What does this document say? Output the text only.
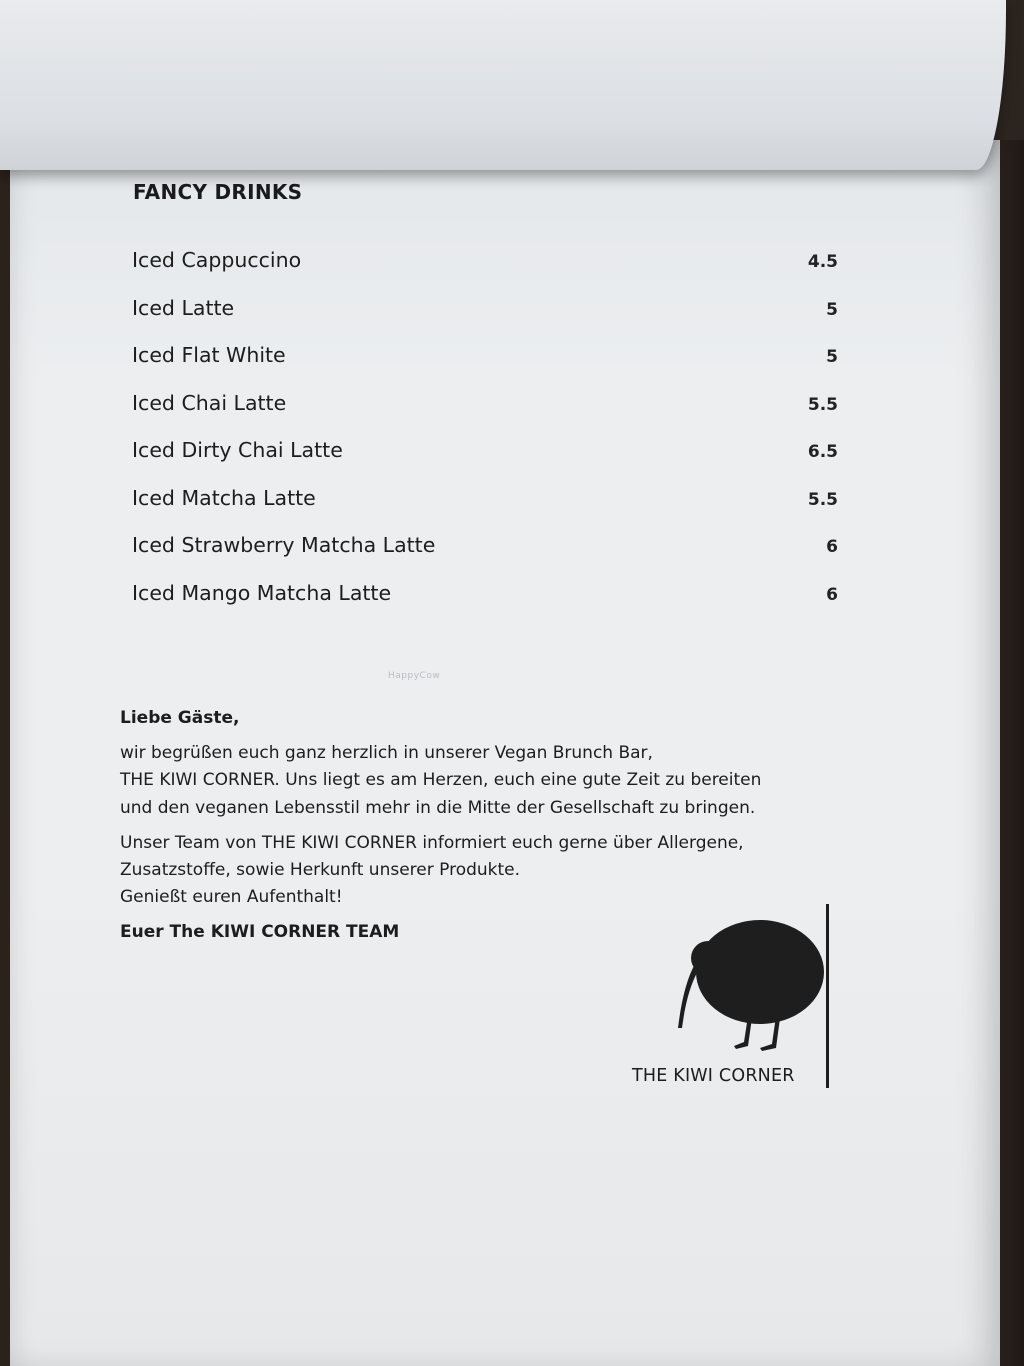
FANCY DRINKS
Iced Cappuccino	4.5
Iced Latte	5
Iced Flat White	5
Iced Chai Latte	5.5
Iced Dirty Chai Latte	6.5
Iced Matcha Latte	5.5
Iced Strawberry Matcha Latte	6
Iced Mango Matcha Latte	6
HappyCow
Liebe Gäste,
wir begrüßen euch ganz herzlich in unserer Vegan Brunch Bar,
THE KIWI CORNER. Uns liegt es am Herzen, euch eine gute Zeit zu bereiten
und den veganen Lebensstil mehr in die Mitte der Gesellschaft zu bringen.
Unser Team von THE KIWI CORNER informiert euch gerne über Allergene,
Zusatzstoffe, sowie Herkunft unserer Produkte.
Genießt euren Aufenthalt!
Euer The KIWI CORNER TEAM
THE KIWI CORNER
